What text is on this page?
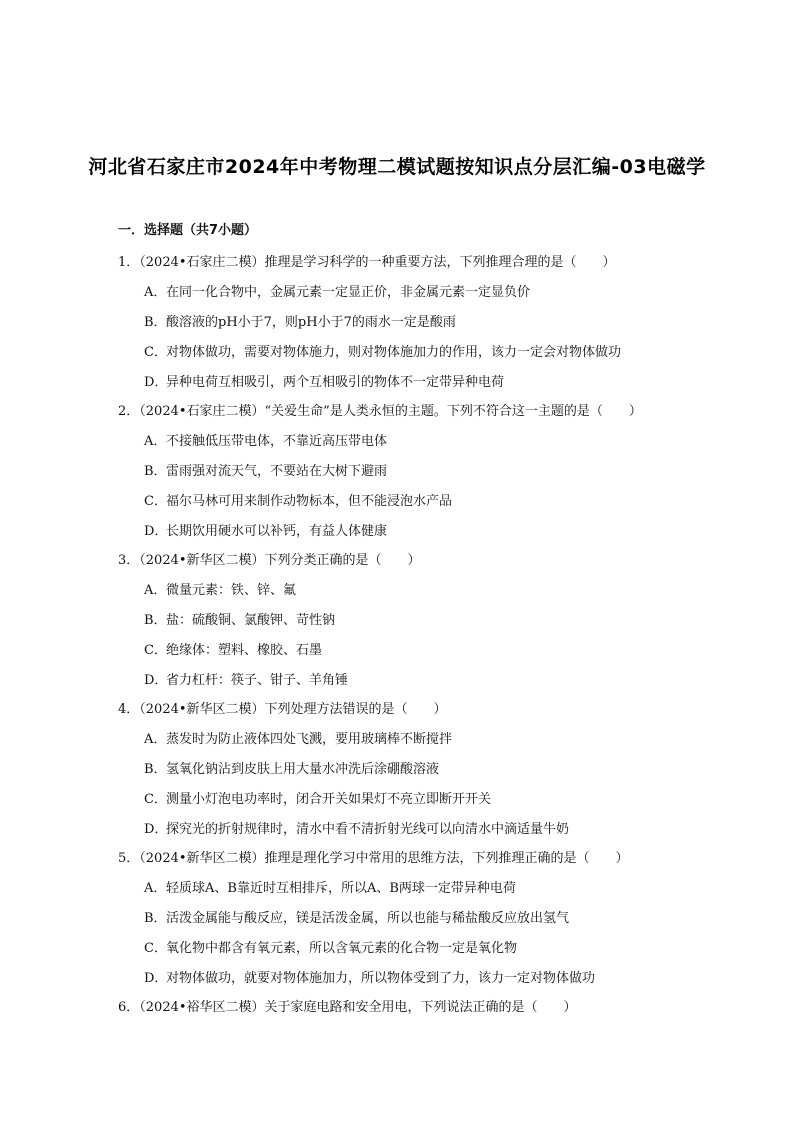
河北省石家庄市2024年中考物理二模试题按知识点分层汇编-03电磁学
一．选择题（共7小题）
1．（2024•石家庄二模）推理是学习科学的一种重要方法，下列推理合理的是（　　）
A．在同一化合物中，金属元素一定显正价，非金属元素一定显负价
B．酸溶液的pH小于7，则pH小于7的雨水一定是酸雨
C．对物体做功，需要对物体施力，则对物体施加力的作用，该力一定会对物体做功
D．异种电荷互相吸引，两个互相吸引的物体不一定带异种电荷
2．（2024•石家庄二模）“关爱生命”是人类永恒的主题。下列不符合这一主题的是（　　）
A．不接触低压带电体，不靠近高压带电体
B．雷雨强对流天气，不要站在大树下避雨
C．福尔马林可用来制作动物标本，但不能浸泡水产品
D．长期饮用硬水可以补钙，有益人体健康
3．（2024•新华区二模）下列分类正确的是（　　）
A．微量元素：铁、锌、氟
B．盐：硫酸铜、氯酸钾、苛性钠
C．绝缘体：塑料、橡胶、石墨
D．省力杠杆：筷子、钳子、羊角锤
4．（2024•新华区二模）下列处理方法错误的是（　　）
A．蒸发时为防止液体四处飞溅，要用玻璃棒不断搅拌
B．氢氧化钠沾到皮肤上用大量水冲洗后涂硼酸溶液
C．测量小灯泡电功率时，闭合开关如果灯不亮立即断开开关
D．探究光的折射规律时，清水中看不清折射光线可以向清水中滴适量牛奶
5．（2024•新华区二模）推理是理化学习中常用的思维方法，下列推理正确的是（　　）
A．轻质球A、B靠近时互相排斥，所以A、B两球一定带异种电荷
B．活泼金属能与酸反应，镁是活泼金属，所以也能与稀盐酸反应放出氢气
C．氧化物中都含有氧元素，所以含氧元素的化合物一定是氧化物
D．对物体做功，就要对物体施加力，所以物体受到了力，该力一定对物体做功
6．（2024•裕华区二模）关于家庭电路和安全用电，下列说法正确的是（　　）
